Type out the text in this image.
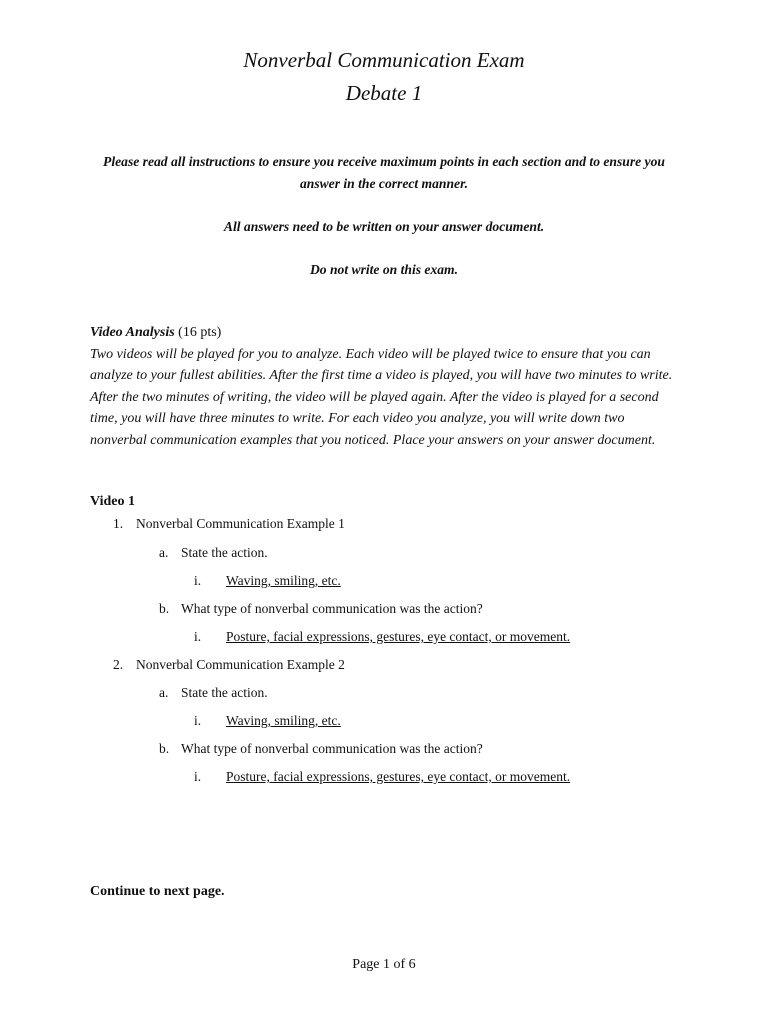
Nonverbal Communication Exam
Debate 1
Please read all instructions to ensure you receive maximum points in each section and to ensure you answer in the correct manner.
All answers need to be written on your answer document.
Do not write on this exam.
Video Analysis (16 pts)
Two videos will be played for you to analyze. Each video will be played twice to ensure that you can analyze to your fullest abilities. After the first time a video is played, you will have two minutes to write. After the two minutes of writing, the video will be played again. After the video is played for a second time, you will have three minutes to write. For each video you analyze, you will write down two nonverbal communication examples that you noticed. Place your answers on your answer document.
Video 1
1. Nonverbal Communication Example 1
a. State the action.
i. Waving, smiling, etc.
b. What type of nonverbal communication was the action?
i. Posture, facial expressions, gestures, eye contact, or movement.
2. Nonverbal Communication Example 2
a. State the action.
i. Waving, smiling, etc.
b. What type of nonverbal communication was the action?
i. Posture, facial expressions, gestures, eye contact, or movement.
Continue to next page.
Page 1 of 6
